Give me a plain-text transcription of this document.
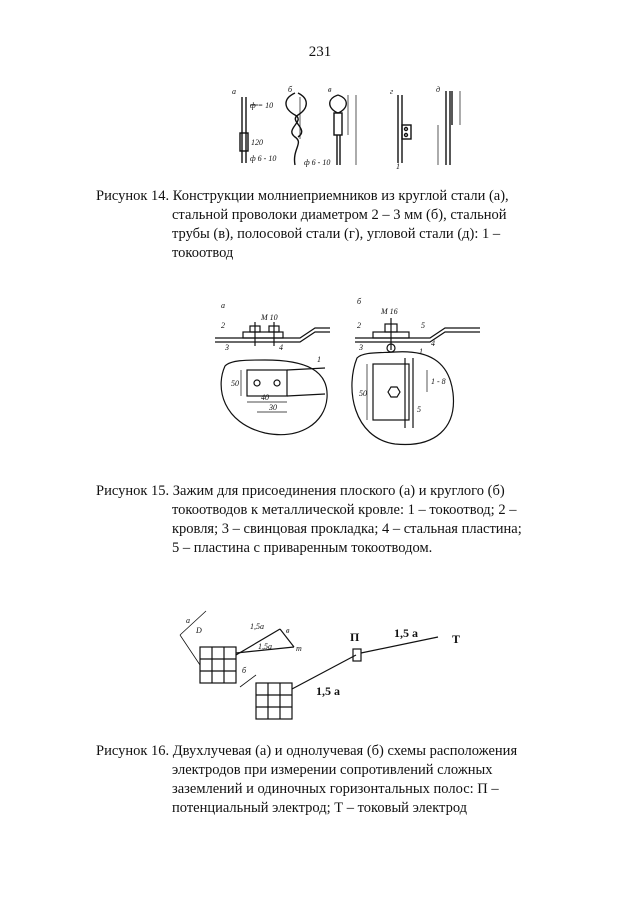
231
а
ф = 10
120
ф 6 - 10
б
ф 6 - 10
в	г
1
д
Рисунок 14. Конструкции молниеприемников из круглой стали (а),
стальной проволоки диаметром 2 – 3 мм (б), стальной
трубы (в), полосовой стали (г), угловой стали (д): 1 –
токоотвод
а
М 10
2
3	4
1
50
40
30
б
М 16
2	5
3	4
1
50
1 - 8
5
Рисунок 15. Зажим для присоединения плоского (а) и круглого (б)
токоотводов к металлической кровле: 1 – токоотвод; 2 –
кровля; 3 – свинцовая прокладка; 4 – стальная пластина;
5 – пластина с приваренным токоотводом.
а
D	1,5а
1,5а
в
т
б
П	1,5 а	Т
1,5 а
Рисунок 16. Двухлучевая (а) и однолучевая (б) схемы расположения
электродов при измерении сопротивлений сложных
заземлений и одиночных горизонтальных полос: П –
потенциальный электрод; Т – токовый электрод
